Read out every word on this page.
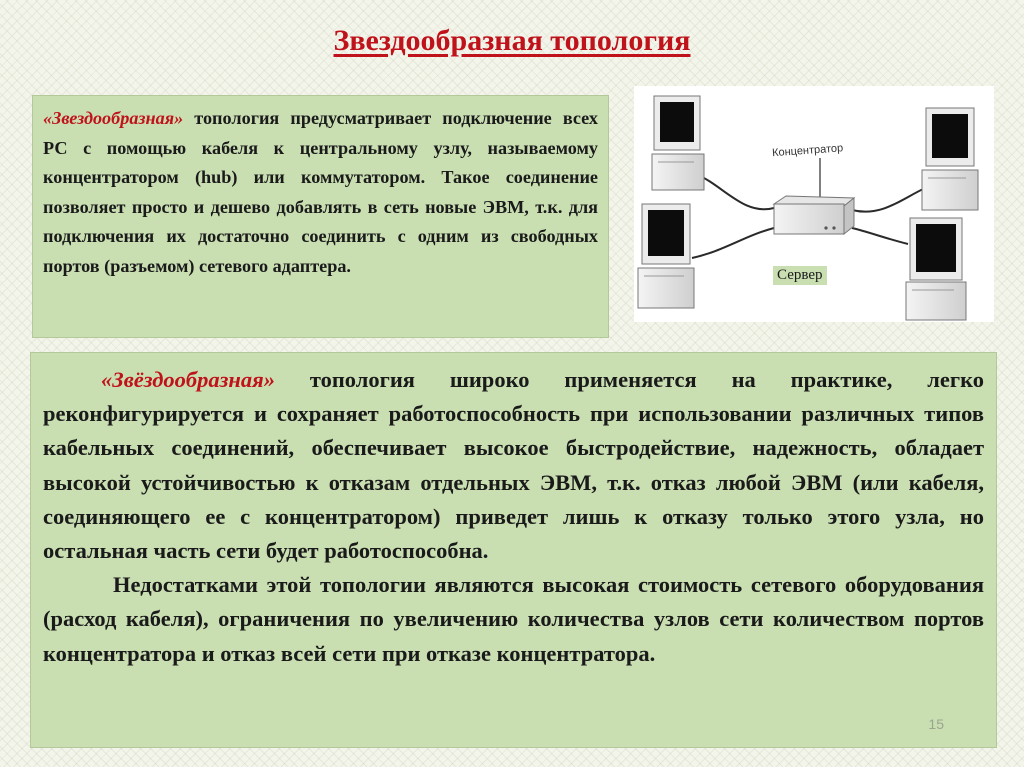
Звездообразная топология

«Звездообразная» топология предусматривает подключение всех РС с помощью кабеля к центральному узлу, называемому концентратором (hub) или коммутатором. Такое соединение позволяет просто и дешево добавлять в сеть новые ЭВМ, т.к. для подключения их достаточно соединить с одним из свободных портов (разъемом) сетевого адаптера.

Концентратор
Сервер

«Звёздообразная» топология широко применяется на практике, легко реконфигурируется и сохраняет работоспособность при использовании различных типов кабельных соединений, обеспечивает высокое быстродействие, надежность, обладает высокой устойчивостью к отказам отдельных ЭВМ, т.к. отказ любой ЭВМ (или кабеля, соединяющего ее с концентратором) приведет лишь к отказу только этого узла, но остальная часть сети будет работоспособна.

Недостатками этой топологии являются высокая стоимость сетевого оборудования (расход кабеля), ограничения по увеличению количества узлов сети количеством портов концентратора и отказ всей сети при отказе концентратора.

15
